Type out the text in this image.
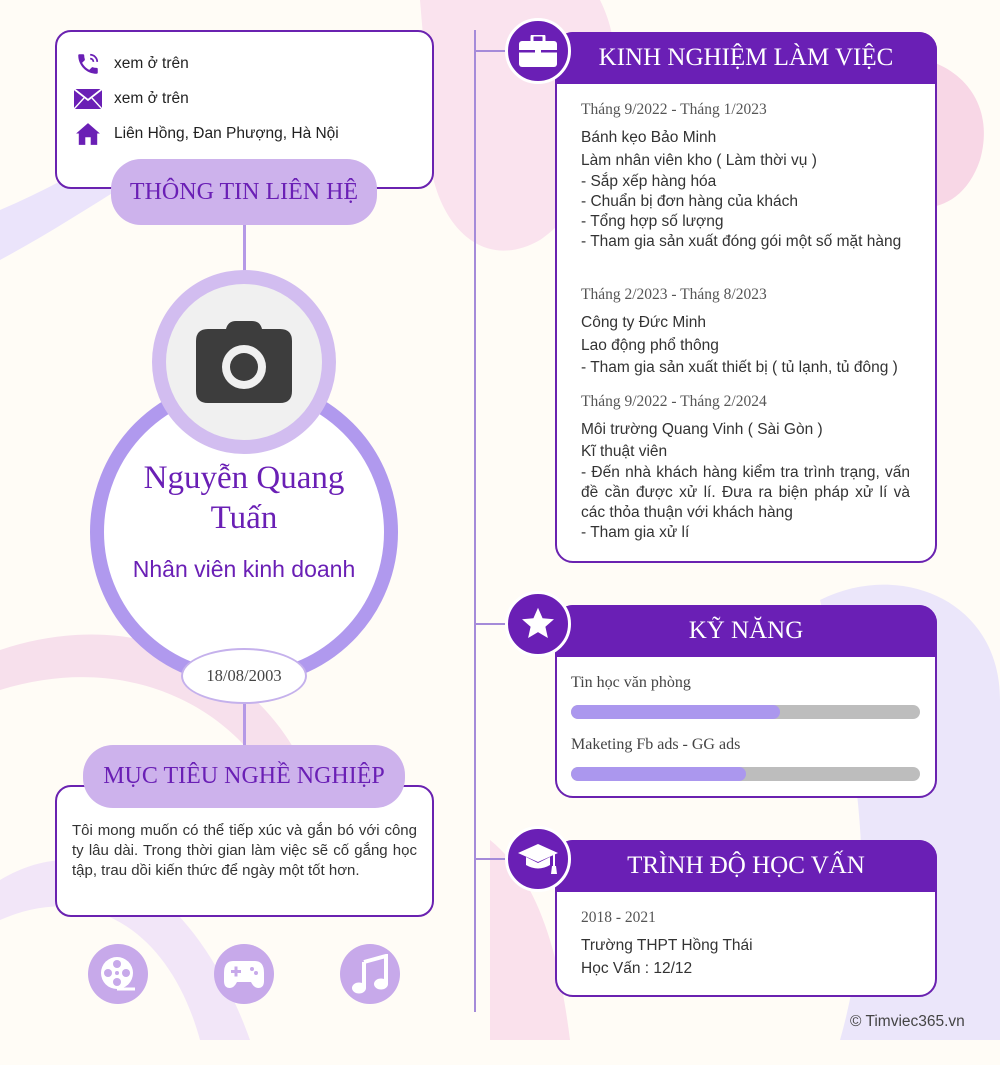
xem ở trên
xem ở trên
Liên Hồng, Đan Phượng, Hà Nội
THÔNG TIN LIÊN HỆ
Nguyễn Quang Tuấn
Nhân viên kinh doanh
18/08/2003
MỤC TIÊU NGHỀ NGHIỆP
Tôi mong muốn có thể tiếp xúc và gắn bó với công ty lâu dài. Trong thời gian làm việc sẽ cố gắng học tập, trau dồi kiến thức để ngày một tốt hơn.
KINH NGHIỆM LÀM VIỆC
Tháng 9/2022 - Tháng 1/2023
Bánh kẹo Bảo Minh
Làm nhân viên kho ( Làm thời vụ )
- Sắp xếp hàng hóa
- Chuẩn bị đơn hàng của khách
- Tổng hợp số lượng
- Tham gia sản xuất đóng gói một số mặt hàng
Tháng 2/2023 - Tháng 8/2023
Công ty Đức Minh
Lao động phổ thông
- Tham gia sản xuất thiết bị ( tủ lạnh, tủ đông )
Tháng 9/2022 - Tháng 2/2024
Môi trường Quang Vinh ( Sài Gòn )
Kĩ thuật viên
- Đến nhà khách hàng kiểm tra trình trạng, vấn đề cần được xử lí. Đưa ra biện pháp xử lí và các thỏa thuận với khách hàng
- Tham gia xử lí
KỸ NĂNG
Tin học văn phòng
Maketing Fb ads - GG ads
TRÌNH ĐỘ HỌC VẤN
2018 - 2021
Trường THPT Hồng Thái
Học Vấn : 12/12
© Timviec365.vn
